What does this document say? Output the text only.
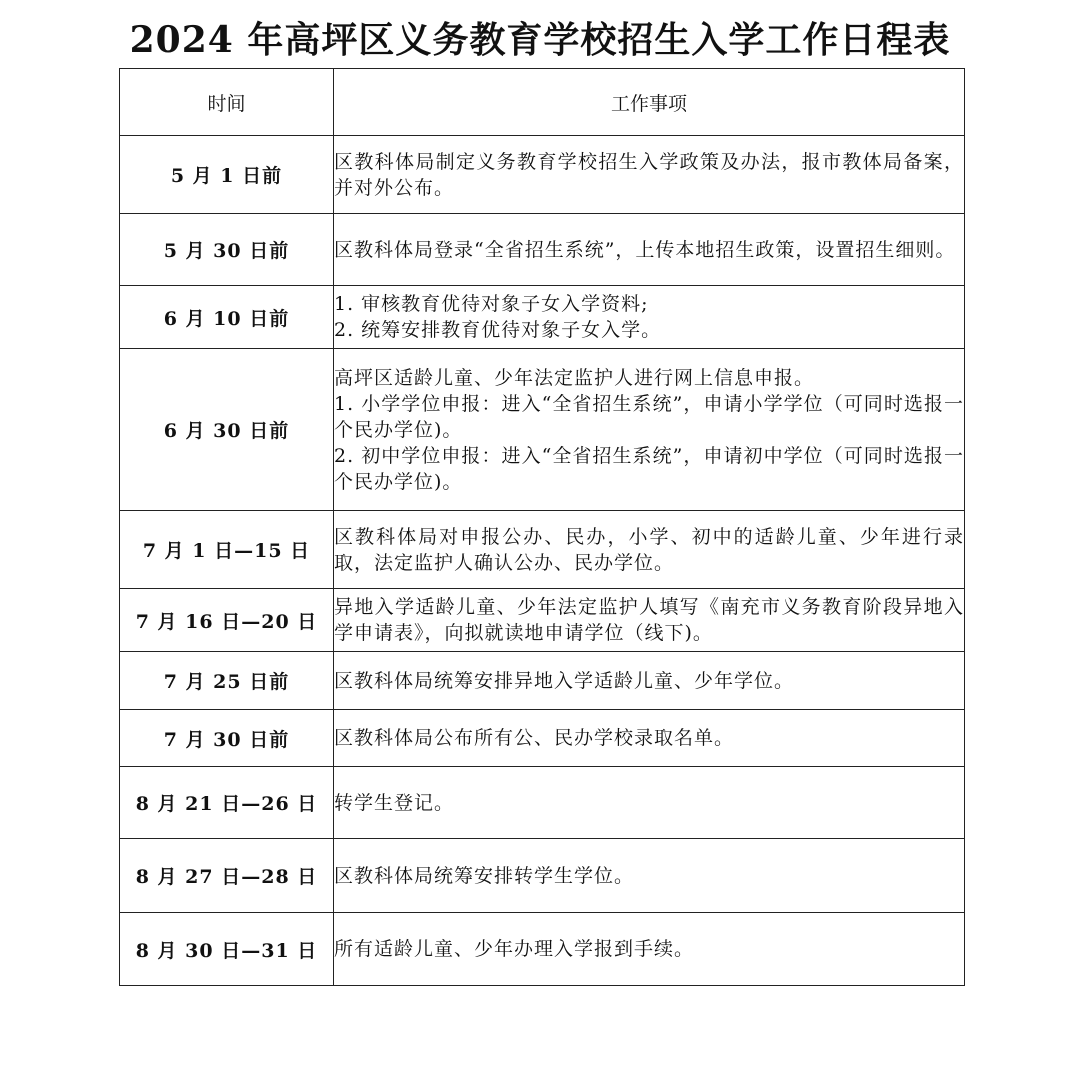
2024 年高坪区义务教育学校招生入学工作日程表
时间	工作事项
5 月 1 日前	区教科体局制定义务教育学校招生入学政策及办法，报市教体局备案，并对外公布。

5 月 30 日前	区教科体局登录“全省招生系统”，上传本地招生政策，设置招生细则。

6 月 10 日前	1. 审核教育优待对象子女入学资料;
2. 统筹安排教育优待对象子女入学。

6 月 30 日前	高坪区适龄儿童、少年法定监护人进行网上信息申报。
1. 小学学位申报：进入“全省招生系统”，申请小学学位（可同时选报一个民办学位)。
2. 初中学位申报：进入“全省招生系统”，申请初中学位（可同时选报一个民办学位)。

7 月 1 日—15 日	区教科体局对申报公办、民办，小学、初中的适龄儿童、少年进行录取，法定监护人确认公办、民办学位。

7 月 16 日—20 日	异地入学适龄儿童、少年法定监护人填写《南充市义务教育阶段异地入学申请表》，向拟就读地申请学位（线下)。

7 月 25 日前	区教科体局统筹安排异地入学适龄儿童、少年学位。

7 月 30 日前	区教科体局公布所有公、民办学校录取名单。

8 月 21 日—26 日	转学生登记。

8 月 27 日—28 日	区教科体局统筹安排转学生学位。

8 月 30 日—31 日	所有适龄儿童、少年办理入学报到手续。
